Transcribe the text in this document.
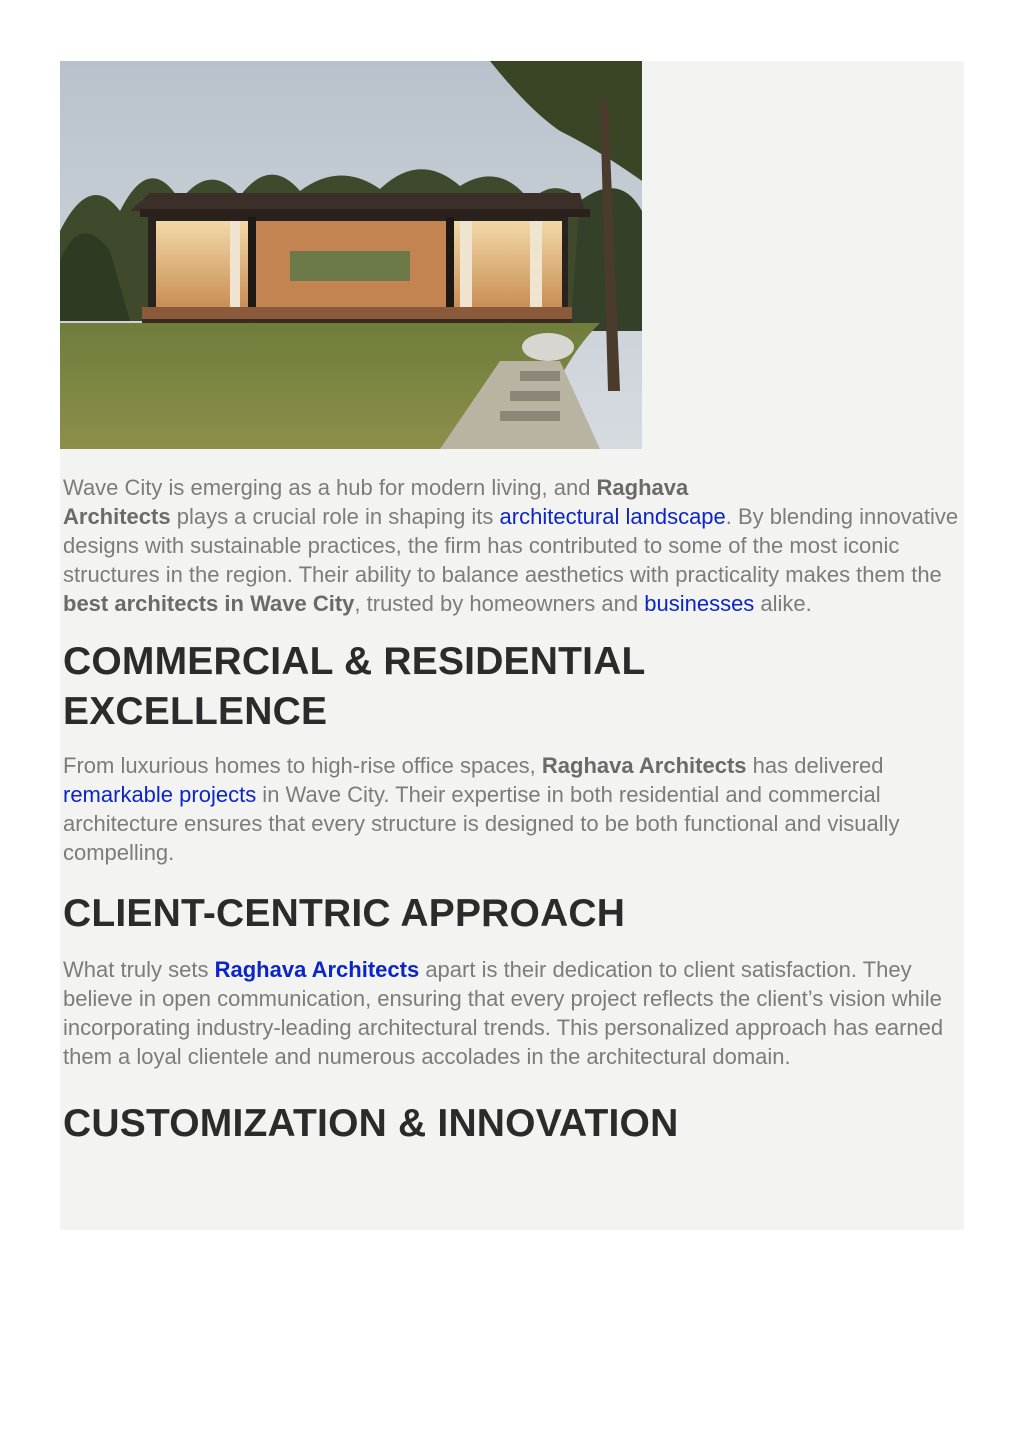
Wave City is emerging as a hub for modern living, and Raghava
Architects plays a crucial role in shaping its architectural landscape. By blending innovative designs with sustainable practices, the firm has contributed to some of the most iconic structures in the region. Their ability to balance aesthetics with practicality makes them the best architects in Wave City, trusted by homeowners and businesses alike.

COMMERCIAL & RESIDENTIAL
EXCELLENCE

From luxurious homes to high-rise office spaces, Raghava Architects has delivered remarkable projects in Wave City. Their expertise in both residential and commercial architecture ensures that every structure is designed to be both functional and visually compelling.

CLIENT-CENTRIC APPROACH

What truly sets Raghava Architects apart is their dedication to client satisfaction. They believe in open communication, ensuring that every project reflects the client’s vision while incorporating industry-leading architectural trends. This personalized approach has earned them a loyal clientele and numerous accolades in the architectural domain.

CUSTOMIZATION & INNOVATION
